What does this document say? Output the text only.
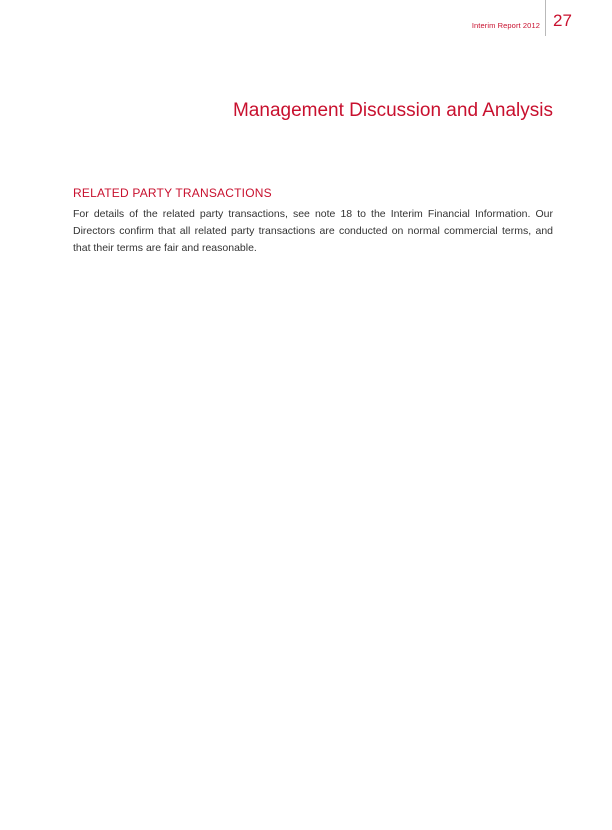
Interim Report 2012 27
Management Discussion and Analysis
RELATED PARTY TRANSACTIONS

For details of the related party transactions, see note 18 to the Interim Financial Information. Our Directors confirm that all related party transactions are conducted on normal commercial terms, and that their terms are fair and reasonable.
